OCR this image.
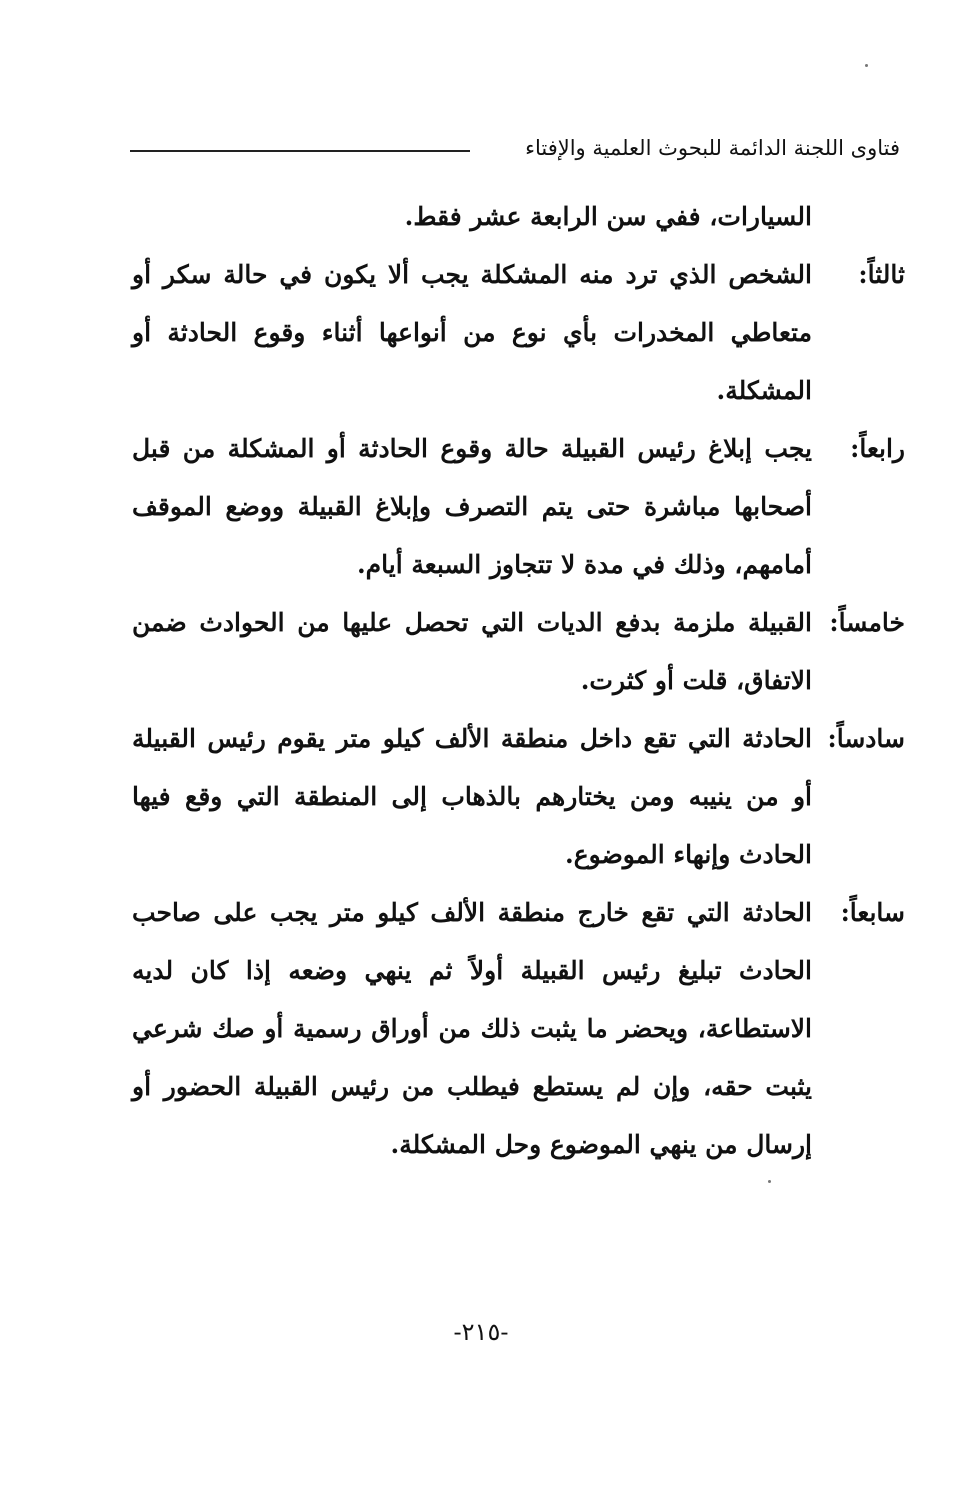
فتاوى اللجنة الدائمة للبحوث العلمية والإفتاء
السيارات، ففي سن الرابعة عشر فقط.
ثالثاً:
الشخص الذي ترد منه المشكلة يجب ألا يكون في حالة سكر أو متعاطي المخدرات بأي نوع من أنواعها أثناء وقوع الحادثة أو المشكلة.
رابعاً:
يجب إبلاغ رئيس القبيلة حالة وقوع الحادثة أو المشكلة من قبل أصحابها مباشرة حتى يتم التصرف وإبلاغ القبيلة ووضع الموقف أمامهم، وذلك في مدة لا تتجاوز السبعة أيام.
خامساً:
القبيلة ملزمة بدفع الديات التي تحصل عليها من الحوادث ضمن الاتفاق، قلت أو كثرت.
سادساً:
الحادثة التي تقع داخل منطقة الألف كيلو متر يقوم رئيس القبيلة أو من ينيبه ومن يختارهم بالذهاب إلى المنطقة التي وقع فيها الحادث وإنهاء الموضوع.
سابعاً:
الحادثة التي تقع خارج منطقة الألف كيلو متر يجب على صاحب الحادث تبليغ رئيس القبيلة أولاً ثم ينهي وضعه إذا كان لديه الاستطاعة، ويحضر ما يثبت ذلك من أوراق رسمية أو صك شرعي يثبت حقه، وإن لم يستطع فيطلب من رئيس القبيلة الحضور أو إرسال من ينهي الموضوع وحل المشكلة.
-٢١٥-
